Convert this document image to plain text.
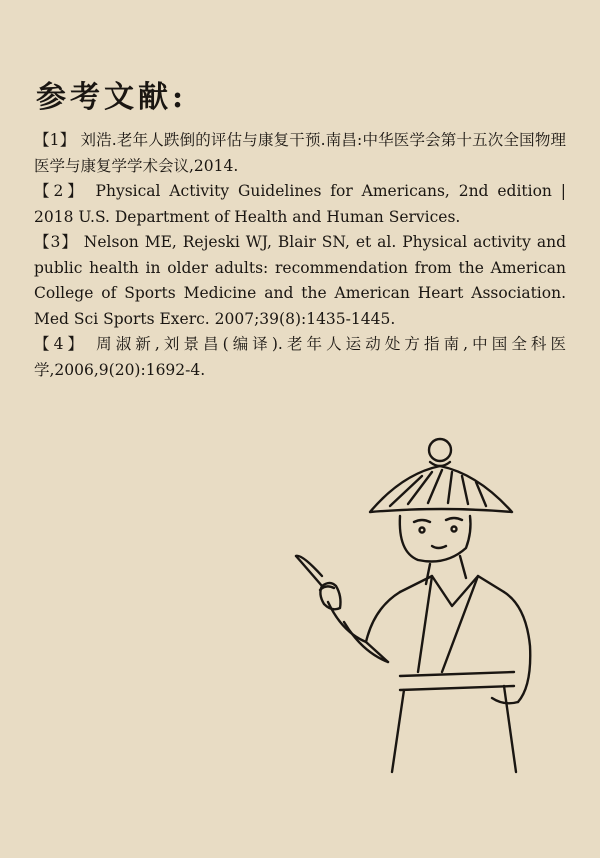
参考文献:

【1】 刘浩.老年人跌倒的评估与康复干预.南昌:中华医学会第十五次全国物理医学与康复学学术会议,2014.

【2】 Physical Activity Guidelines for Americans, 2nd edition | 2018 U.S. Department of Health and Human Services.

【3】 Nelson ME, Rejeski WJ, Blair SN, et al. Physical activity and public health in older adults: recommendation from the American College of Sports Medicine and the American Heart Association. Med Sci Sports Exerc. 2007;39(8):1435-1445.

【4】 周淑新,刘景昌(编译).老年人运动处方指南,中国全科医学,2006,9(20):1692-4.
